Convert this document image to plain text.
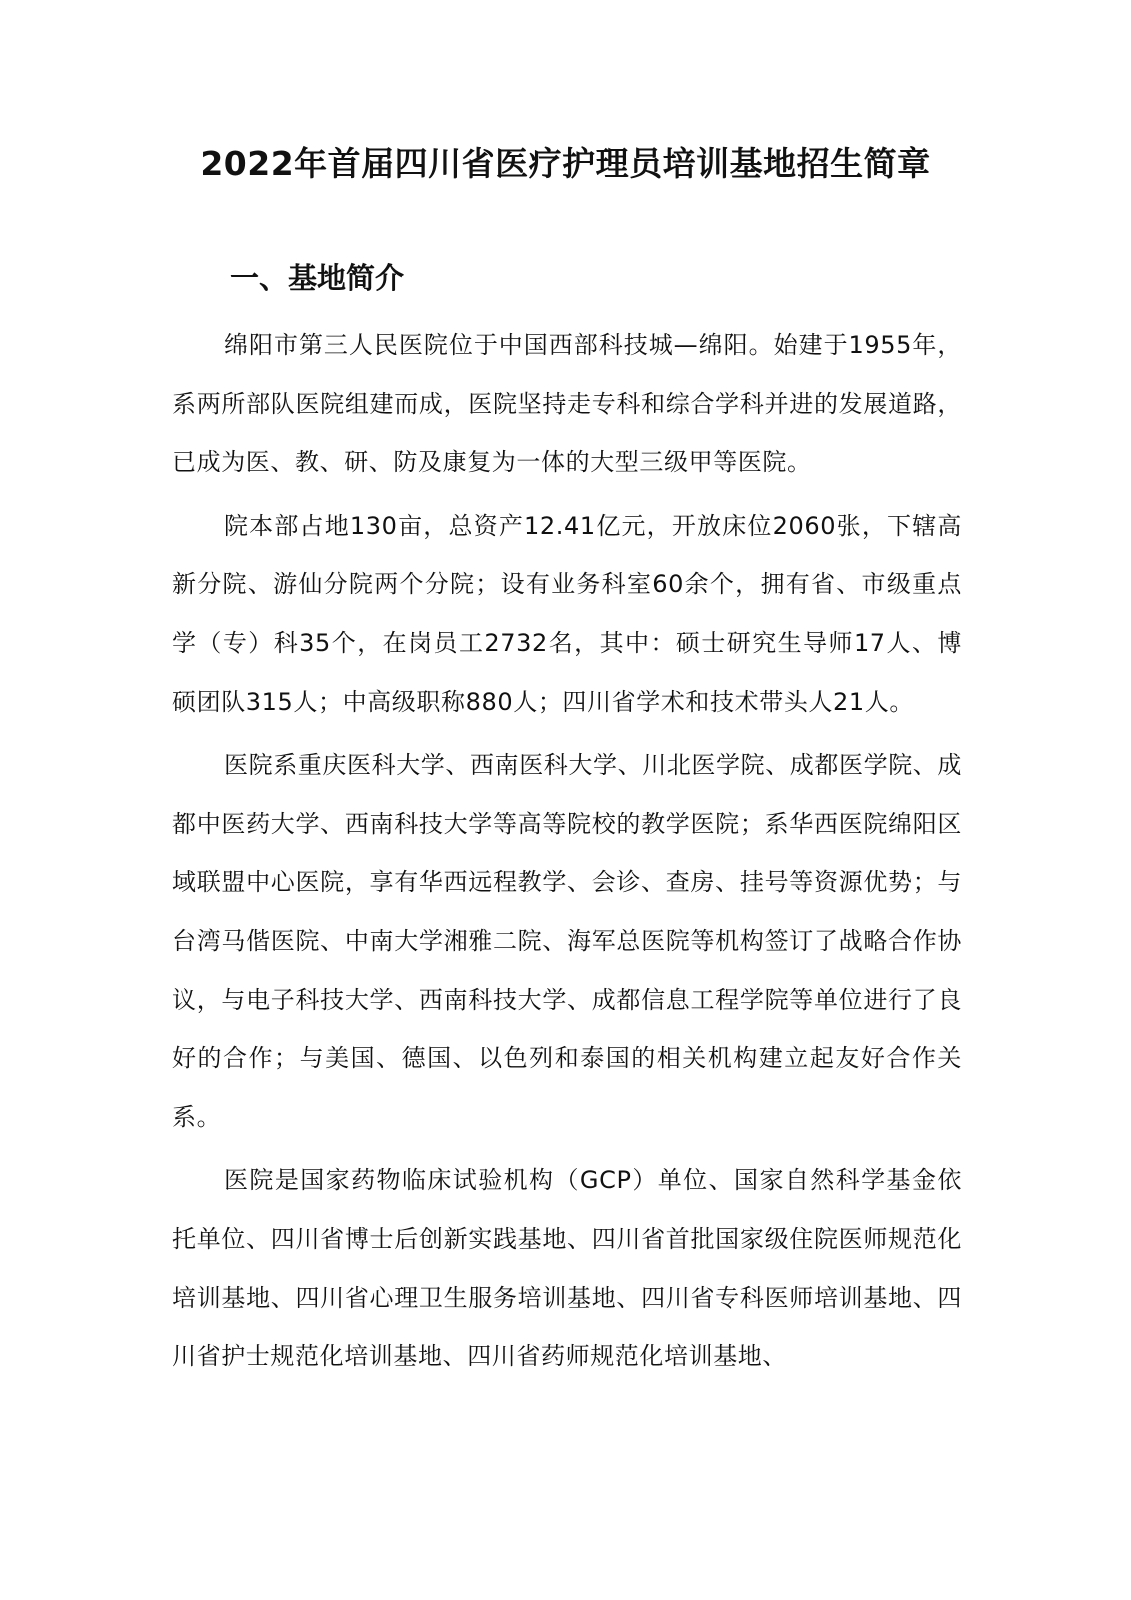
2022年首届四川省医疗护理员培训基地招生简章
一、基地简介

绵阳市第三人民医院位于中国西部科技城—绵阳。始建于1955年，系两所部队医院组建而成，医院坚持走专科和综合学科并进的发展道路，已成为医、教、研、防及康复为一体的大型三级甲等医院。

院本部占地130亩，总资产12.41亿元，开放床位2060张，下辖高新分院、游仙分院两个分院；设有业务科室60余个，拥有省、市级重点学（专）科35个，在岗员工2732名，其中：硕士研究生导师17人、博硕团队315人；中高级职称880人；四川省学术和技术带头人21人。

医院系重庆医科大学、西南医科大学、川北医学院、成都医学院、成都中医药大学、西南科技大学等高等院校的教学医院；系华西医院绵阳区域联盟中心医院，享有华西远程教学、会诊、查房、挂号等资源优势；与台湾马偕医院、中南大学湘雅二院、海军总医院等机构签订了战略合作协议，与电子科技大学、西南科技大学、成都信息工程学院等单位进行了良好的合作；与美国、德国、以色列和泰国的相关机构建立起友好合作关系。

医院是国家药物临床试验机构（GCP）单位、国家自然科学基金依托单位、四川省博士后创新实践基地、四川省首批国家级住院医师规范化培训基地、四川省心理卫生服务培训基地、四川省专科医师培训基地、四川省护士规范化培训基地、四川省药师规范化培训基地、
